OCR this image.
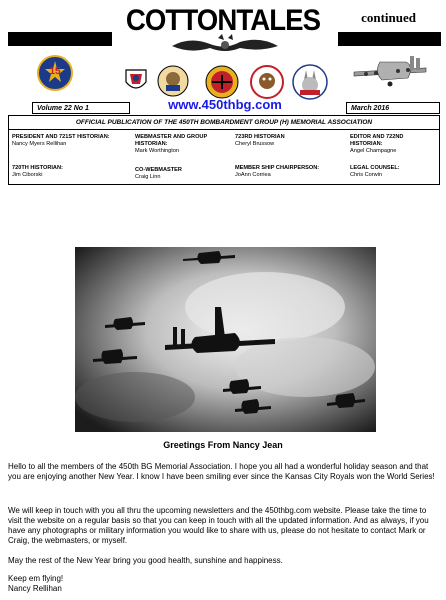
COTTONTALES	continued
15
Volume 22 No 1	www.450thbg.com	March 2016
OFFICIAL PUBLICATION OF THE 450TH BOMBARDMENT GROUP (H) MEMORIAL ASSOCIATION
PRESIDENT AND 721ST HISTORIAN:
Nancy Myers Rellihan
WEBMASTER AND GROUP HISTORIAN:
Mark Worthington
723RD HISTORIAN
Cheryl Brussow
EDITOR AND 722ND HISTORIAN:
Angel Champagne
720TH HISTORIAN:
Jim Ciborski
CO-WEBMASTER
Craig Linn
MEMBER SHIP CHAIRPERSON:
JoAnn Corriea
LEGAL COUNSEL:
Chris Corwin
Greetings From Nancy Jean
Hello to all the members of the 450th BG Memorial Association. I hope you all had a wonderful holiday season and that you are enjoying another New Year. I know I have been smiling ever since the Kansas City Royals won the World Series!
We will keep in touch with you all thru the upcoming newsletters and the 450thbg.com website. Please take the time to visit the website on a regular basis so that you can keep in touch with all the updated information. And as always, if you have any photographs or military information you would like to share with us, please do not hesitate to contact Mark or Craig, the webmasters, or myself.
May the rest of the New Year bring you good health, sunshine and happiness.
Keep em flying!
Nancy Rellihan
